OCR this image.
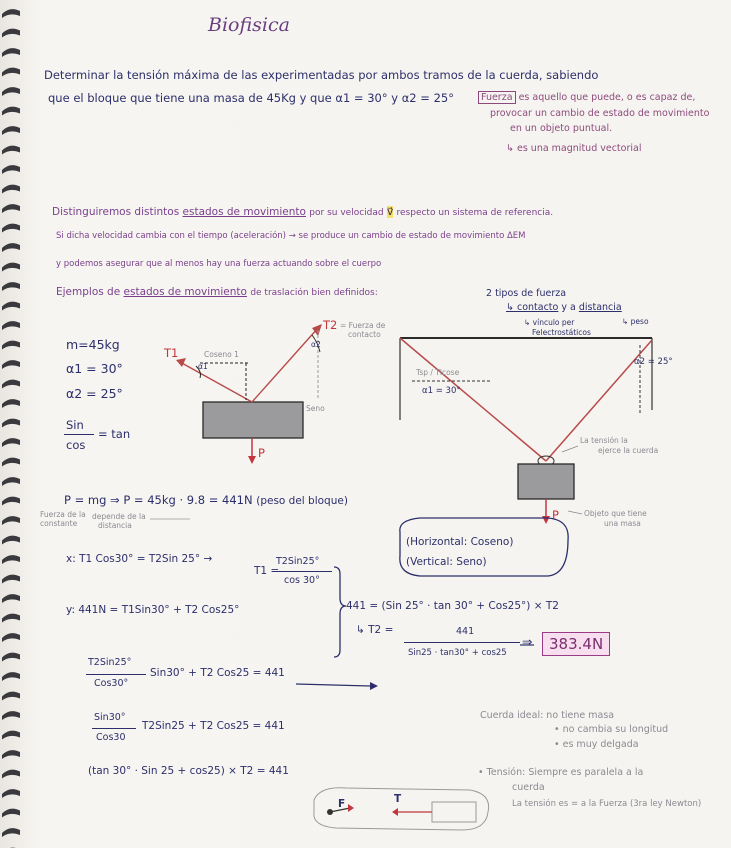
Biofisica
Determinar la tensión máxima de las experimentadas por ambos tramos de la cuerda, sabiendo
que el bloque que tiene una masa de 45Kg y que α1 = 30° y α2 = 25°	Fuerza es aquello que puede, o es capaz de,
provocar un cambio de estado de movimiento
en un objeto puntual.
↳ es una magnitud vectorial
Distinguiremos distintos estados de movimiento por su velocidad v⃗ respecto un sistema de referencia.
Si dicha velocidad cambia con el tiempo (aceleración) → se produce un cambio de estado de movimiento ΔEM
y podemos asegurar que al menos hay una fuerza actuando sobre el cuerpo
Ejemplos de estados de movimiento de traslación bien definidos:	2 tipos de fuerza
↳ contacto y a distancia
↳ vínculo per
Felectrostáticos
↳ peso
m=45kg
α1 = 30°
α2 = 25°
Sin
cos
= tan
T1
T2 = Fuerza de
contacto
Coseno 1
α1
α2
Seno
P
Tsp / Tlcose
α1 = 30°
α2 = 25°
La tensión la
ejerce la cuerda
P	Objeto que tiene
una masa
P = mg ⇒ P = 45kg · 9.8 = 441N (peso del bloque)
Fuerza de la
constante
depende de la
distancia
(Horizontal: Coseno)
(Vertical: Seno)
x: T1 Cos30° = T2Sin 25° →
T1 =
T2Sin25°
cos 30°
y: 441N = T1Sin30° + T2 Cos25°	441 = (Sin 25° · tan 30° + Cos25°) × T2
↳ T2 =	441
Sin25 · tan30° + cos25
⇒	383.4N
T2Sin25°
Cos30°
Sin30° + T2 Cos25 = 441
Sin30°
Cos30
T2Sin25 + T2 Cos25 = 441
(tan 30° · Sin 25 + cos25) × T2 = 441
Cuerda ideal: no tiene masa
• no cambia su longitud
• es muy delgada
• Tensión: Siempre es paralela a la
cuerda
La tensión es = a la Fuerza (3ra ley Newton)
F	T
